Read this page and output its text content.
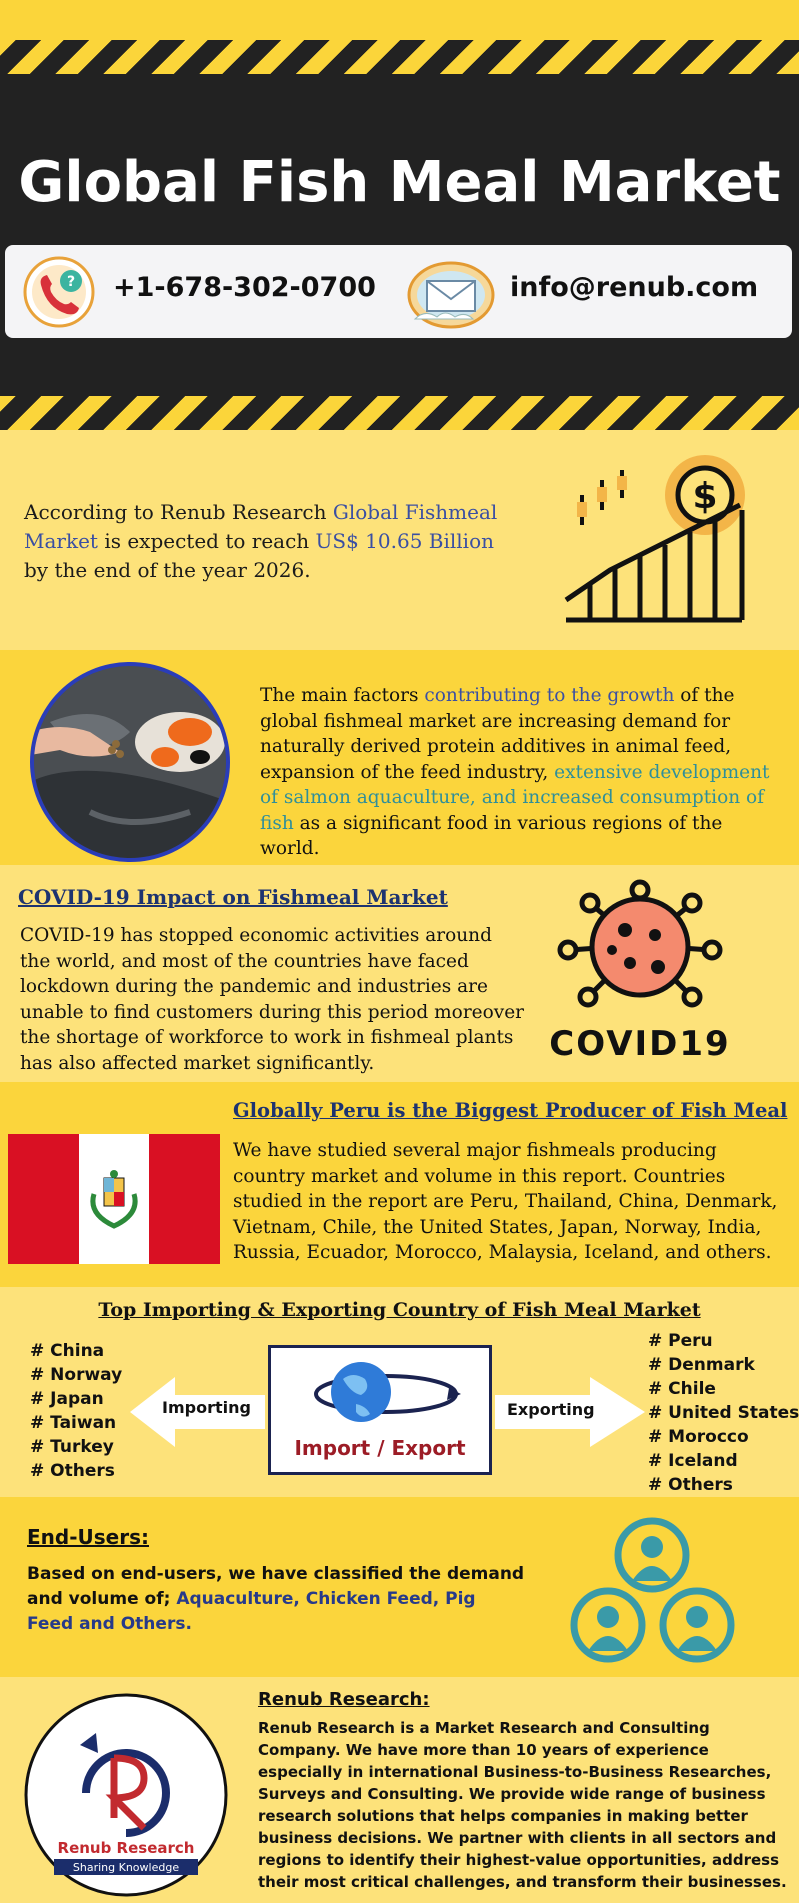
Global Fish Meal Market
? +1-678-302-0700	info@renub.com

According to Renub Research Global Fishmeal Market is expected to reach US$ 10.65 Billion by the end of the year 2026.

$

The main factors contributing to the growth of the global fishmeal market are increasing demand for naturally derived protein additives in animal feed, expansion of the feed industry, extensive development of salmon aquaculture, and increased consumption of fish as a significant food in various regions of the world.

COVID-19 Impact on Fishmeal Market

COVID-19 has stopped economic activities around the world, and most of the countries have faced lockdown during the pandemic and industries are unable to find customers during this period moreover the shortage of workforce to work in fishmeal plants has also affected market significantly.	COVID19
Globally Peru is the Biggest Producer of Fish Meal

We have studied several major fishmeals producing country market and volume in this report. Countries studied in the report are Peru, Thailand, China, Denmark, Vietnam, Chile, the United States, Japan, Norway, India, Russia, Ecuador, Morocco, Malaysia, Iceland, and others.

Top Importing & Exporting Country of Fish Meal Market
# China
# Norway
# Japan
# Taiwan
# Turkey
# Others
Importing
Import / Export
Exporting
# Peru
# Denmark
# Chile
# United States
# Morocco
# Iceland
# Others
End-Users:

Based on end-users, we have classified the demand and volume of; Aquaculture, Chicken Feed, Pig Feed and Others.

Renub Research
Sharing Knowledge
Renub Research:

Renub Research is a Market Research and Consulting Company. We have more than 10 years of experience especially in international Business-to-Business Researches, Surveys and Consulting. We provide wide range of business research solutions that helps companies in making better business decisions. We partner with clients in all sectors and regions to identify their highest-value opportunities, address their most critical challenges, and transform their businesses.
